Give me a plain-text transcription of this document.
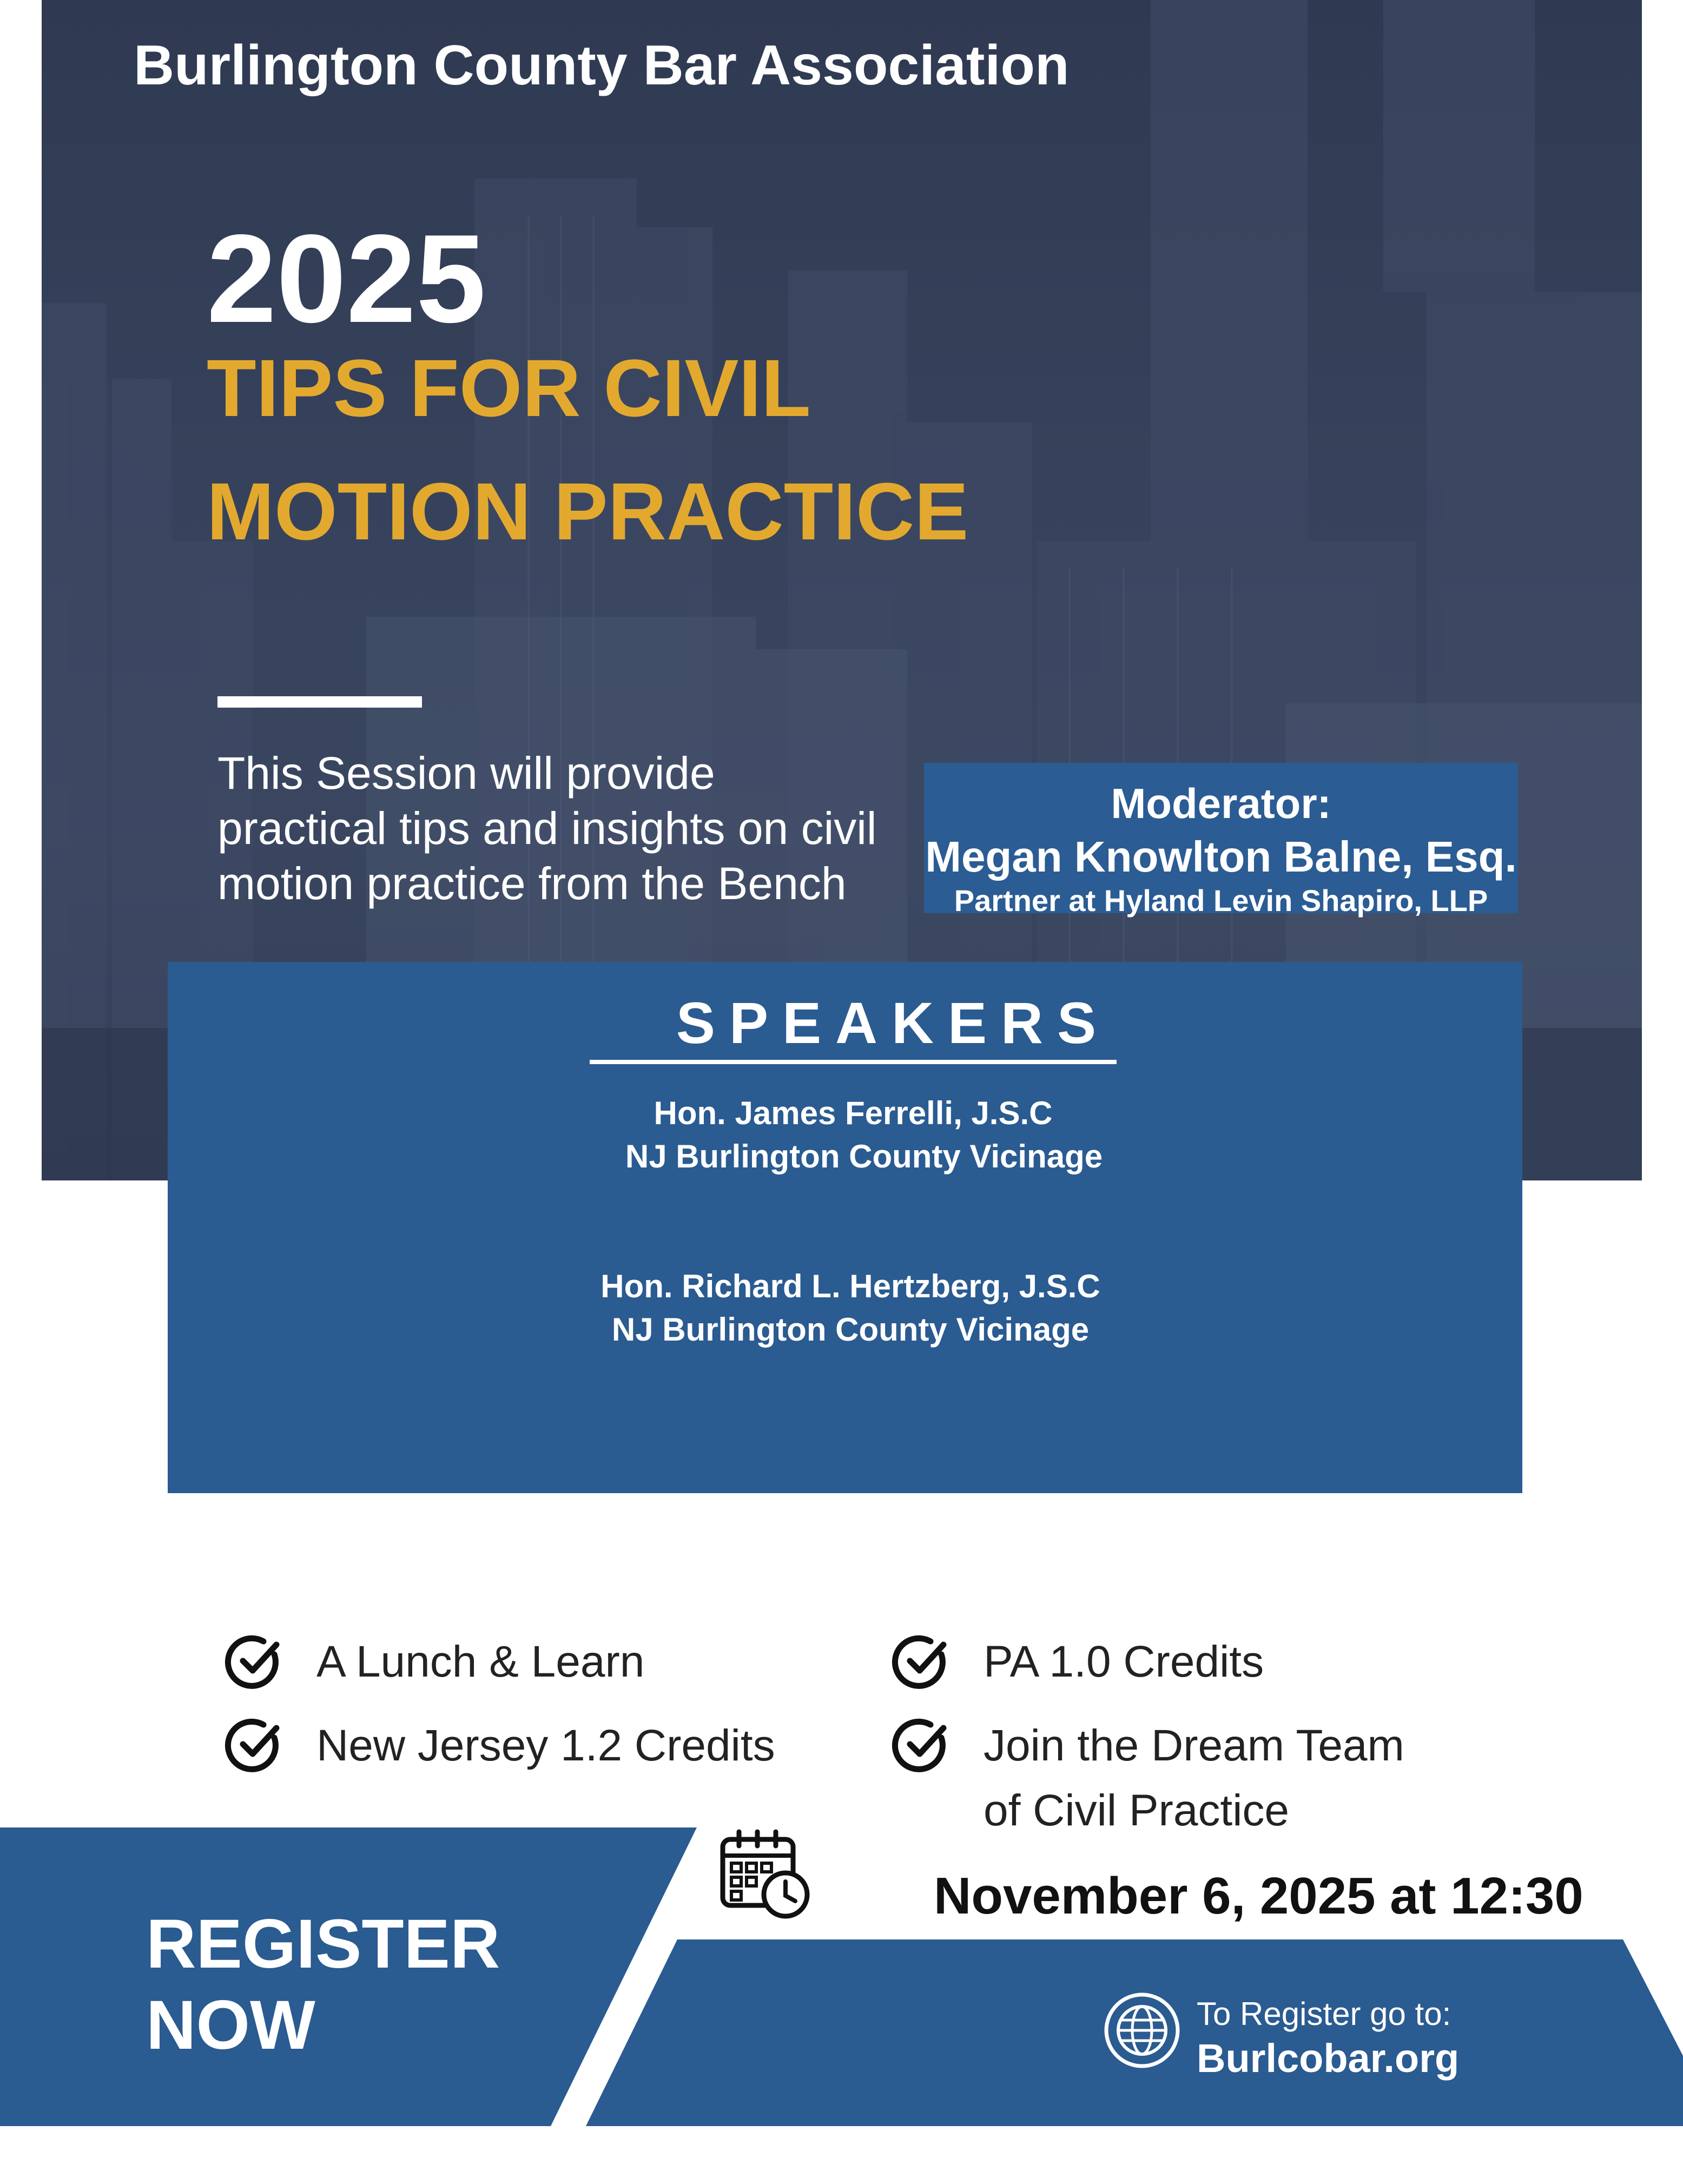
Burlington County Bar Association

2025

TIPS FOR CIVIL

MOTION PRACTICE

This Session will provide
practical tips and insights on civil
motion practice from the Bench
Moderator:
Megan Knowlton Balne, Esq.
Partner at Hyland Levin Shapiro, LLP
SPEAKERS
Hon. James Ferrelli, J.S.C
NJ Burlington County Vicinage
Hon. Richard L. Hertzberg, J.S.C
NJ Burlington County Vicinage
A Lunch & Learn
New Jersey 1.2 Credits
PA 1.0 Credits
Join the Dream Team
of Civil Practice
REGISTER
NOW
November 6, 2025 at 12:30
To Register go to:
Burlcobar.org
